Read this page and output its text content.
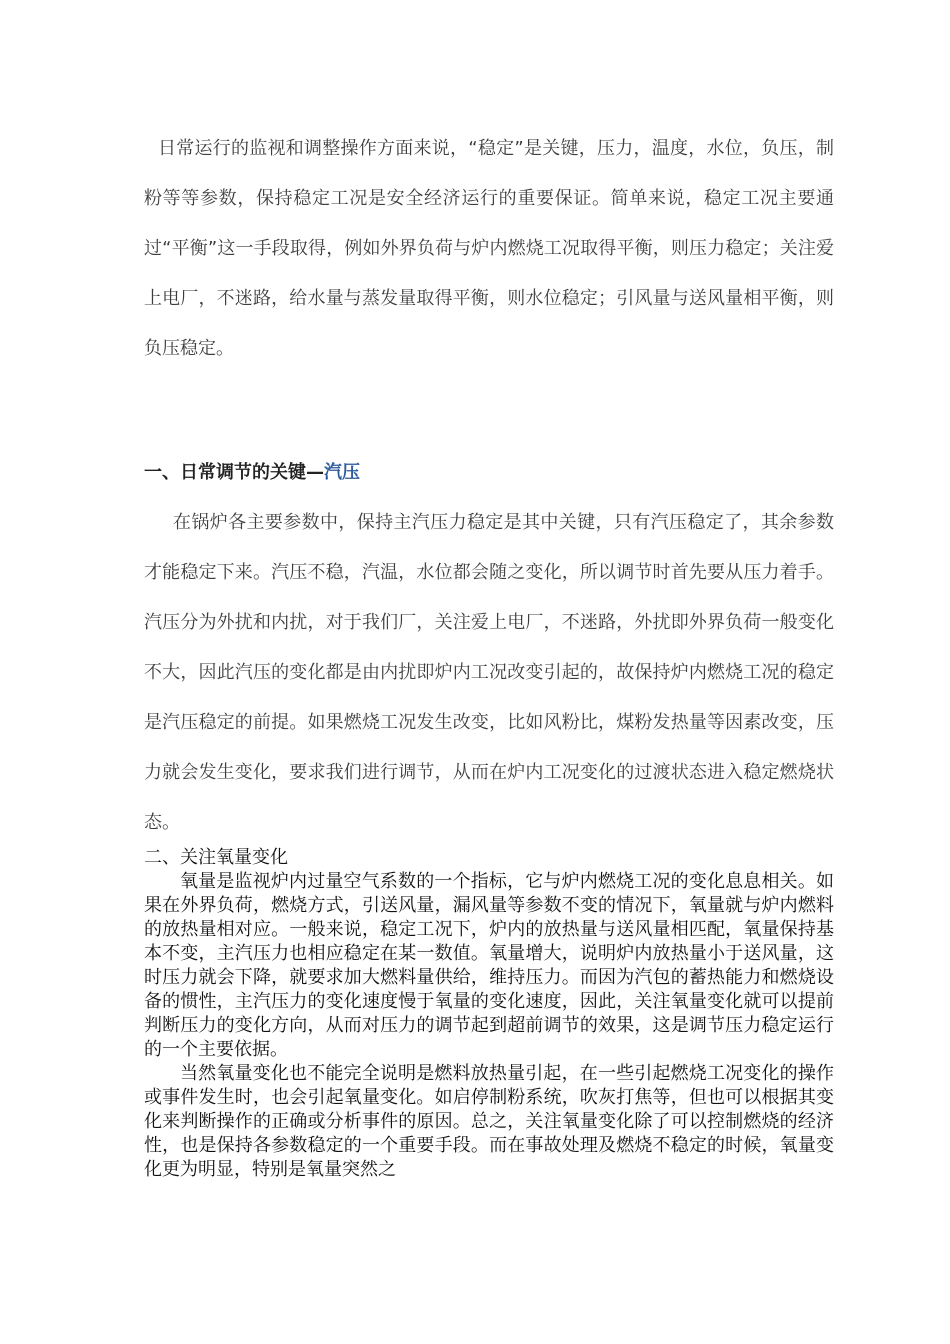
日常运行的监视和调整操作方面来说，“稳定”是关键，压力，温度，水位，负压，制粉等等参数，保持稳定工况是安全经济运行的重要保证。简单来说，稳定工况主要通过“平衡”这一手段取得，例如外界负荷与炉内燃烧工况取得平衡，则压力稳定；关注爱上电厂，不迷路，给水量与蒸发量取得平衡，则水位稳定；引风量与送风量相平衡，则负压稳定。

一、日常调节的关键—汽压

在锅炉各主要参数中，保持主汽压力稳定是其中关键，只有汽压稳定了，其余参数才能稳定下来。汽压不稳，汽温，水位都会随之变化，所以调节时首先要从压力着手。汽压分为外扰和内扰，对于我们厂，关注爱上电厂，不迷路，外扰即外界负荷一般变化不大，因此汽压的变化都是由内扰即炉内工况改变引起的，故保持炉内燃烧工况的稳定是汽压稳定的前提。如果燃烧工况发生改变，比如风粉比，煤粉发热量等因素改变，压力就会发生变化，要求我们进行调节，从而在炉内工况变化的过渡状态进入稳定燃烧状态。

二、关注氧量变化

氧量是监视炉内过量空气系数的一个指标，它与炉内燃烧工况的变化息息相关。如果在外界负荷，燃烧方式，引送风量，漏风量等参数不变的情况下，氧量就与炉内燃料的放热量相对应。一般来说，稳定工况下，炉内的放热量与送风量相匹配，氧量保持基本不变，主汽压力也相应稳定在某一数值。氧量增大，说明炉内放热量小于送风量，这时压力就会下降，就要求加大燃料量供给，维持压力。而因为汽包的蓄热能力和燃烧设备的惯性，主汽压力的变化速度慢于氧量的变化速度，因此，关注氧量变化就可以提前判断压力的变化方向，从而对压力的调节起到超前调节的效果，这是调节压力稳定运行的一个主要依据。

当然氧量变化也不能完全说明是燃料放热量引起，在一些引起燃烧工况变化的操作或事件发生时，也会引起氧量变化。如启停制粉系统，吹灰打焦等，但也可以根据其变化来判断操作的正确或分析事件的原因。总之，关注氧量变化除了可以控制燃烧的经济性，也是保持各参数稳定的一个重要手段。而在事故处理及燃烧不稳定的时候，氧量变化更为明显，特别是氧量突然之
